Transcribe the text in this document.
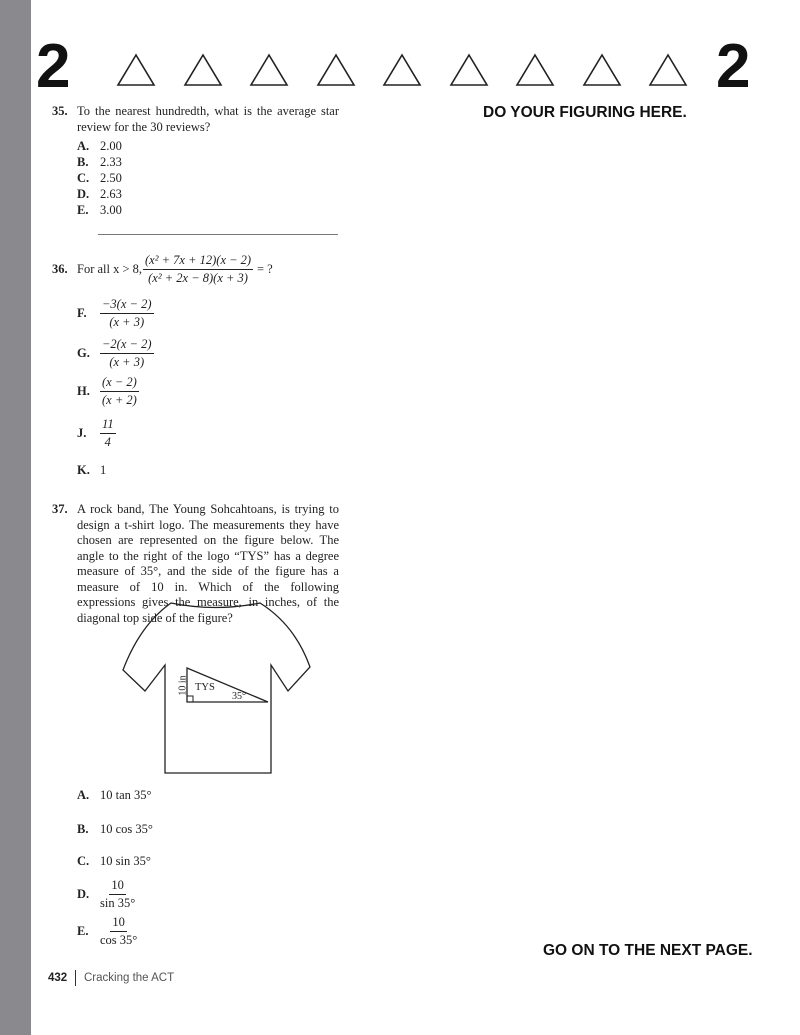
2	2
DO YOUR FIGURING HERE.
35. To the nearest hundredth, what is the average star review for the 30 reviews?
A. 2.00
B. 2.33
C. 2.50
D. 2.63
E. 3.00
36. For all x > 8, $\frac{\text{(x² + 7x + 12)(x − 2)}}{\text{(x² + 2x − 8)(x + 3)}}$ = ?
F. $\frac{-3(x - 2)}{(x + 3)}$
G. $\frac{-2(x - 2)}{(x + 3)}$
H. $\frac{(x - 2)}{(x + 2)}$
J. $\frac{11}{4}$
K. 1
37. A rock band, The Young Sohcahtoans, is trying to design a t-shirt logo. The measurements they have chosen are represented on the figure below. The angle to the right of the logo “TYS” has a degree measure of 35°, and the side of the figure has a measure of 10 in. Which of the following expressions gives the measure, in inches, of the diagonal top side of the figure?
10 in TYS
35°
A. 10 tan 35°
B. 10 cos 35°
C. 10 sin 35°
D. $\frac{10}{\sin 35^\circ}$
E. $\frac{10}{\cos 35^\circ}$
GO ON TO THE NEXT PAGE.
432 Cracking the ACT
